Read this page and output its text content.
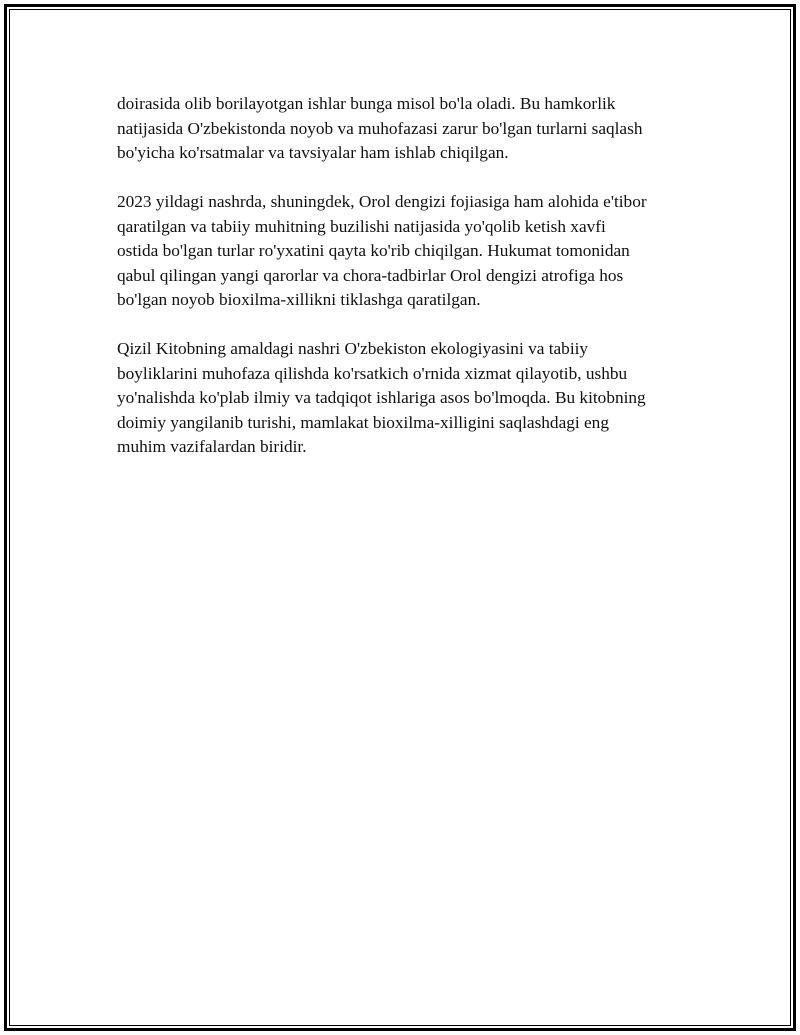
doirasida olib borilayotgan ishlar bunga misol bo'la oladi. Bu hamkorlik
natijasida O'zbekistonda noyob va muhofazasi zarur bo'lgan turlarni saqlash
bo'yicha ko'rsatmalar va tavsiyalar ham ishlab chiqilgan.

2023 yildagi nashrda, shuningdek, Orol dengizi fojiasiga ham alohida e'tibor
qaratilgan va tabiiy muhitning buzilishi natijasida yo'qolib ketish xavfi
ostida bo'lgan turlar ro'yxatini qayta ko'rib chiqilgan. Hukumat tomonidan
qabul qilingan yangi qarorlar va chora-tadbirlar Orol dengizi atrofiga hos
bo'lgan noyob bioxilma-xillikni tiklashga qaratilgan.

Qizil Kitobning amaldagi nashri O'zbekiston ekologiyasini va tabiiy
boyliklarini muhofaza qilishda ko'rsatkich o'rnida xizmat qilayotib, ushbu
yo'nalishda ko'plab ilmiy va tadqiqot ishlariga asos bo'lmoqda. Bu kitobning
doimiy yangilanib turishi, mamlakat bioxilma-xilligini saqlashdagi eng
muhim vazifalardan biridir.
